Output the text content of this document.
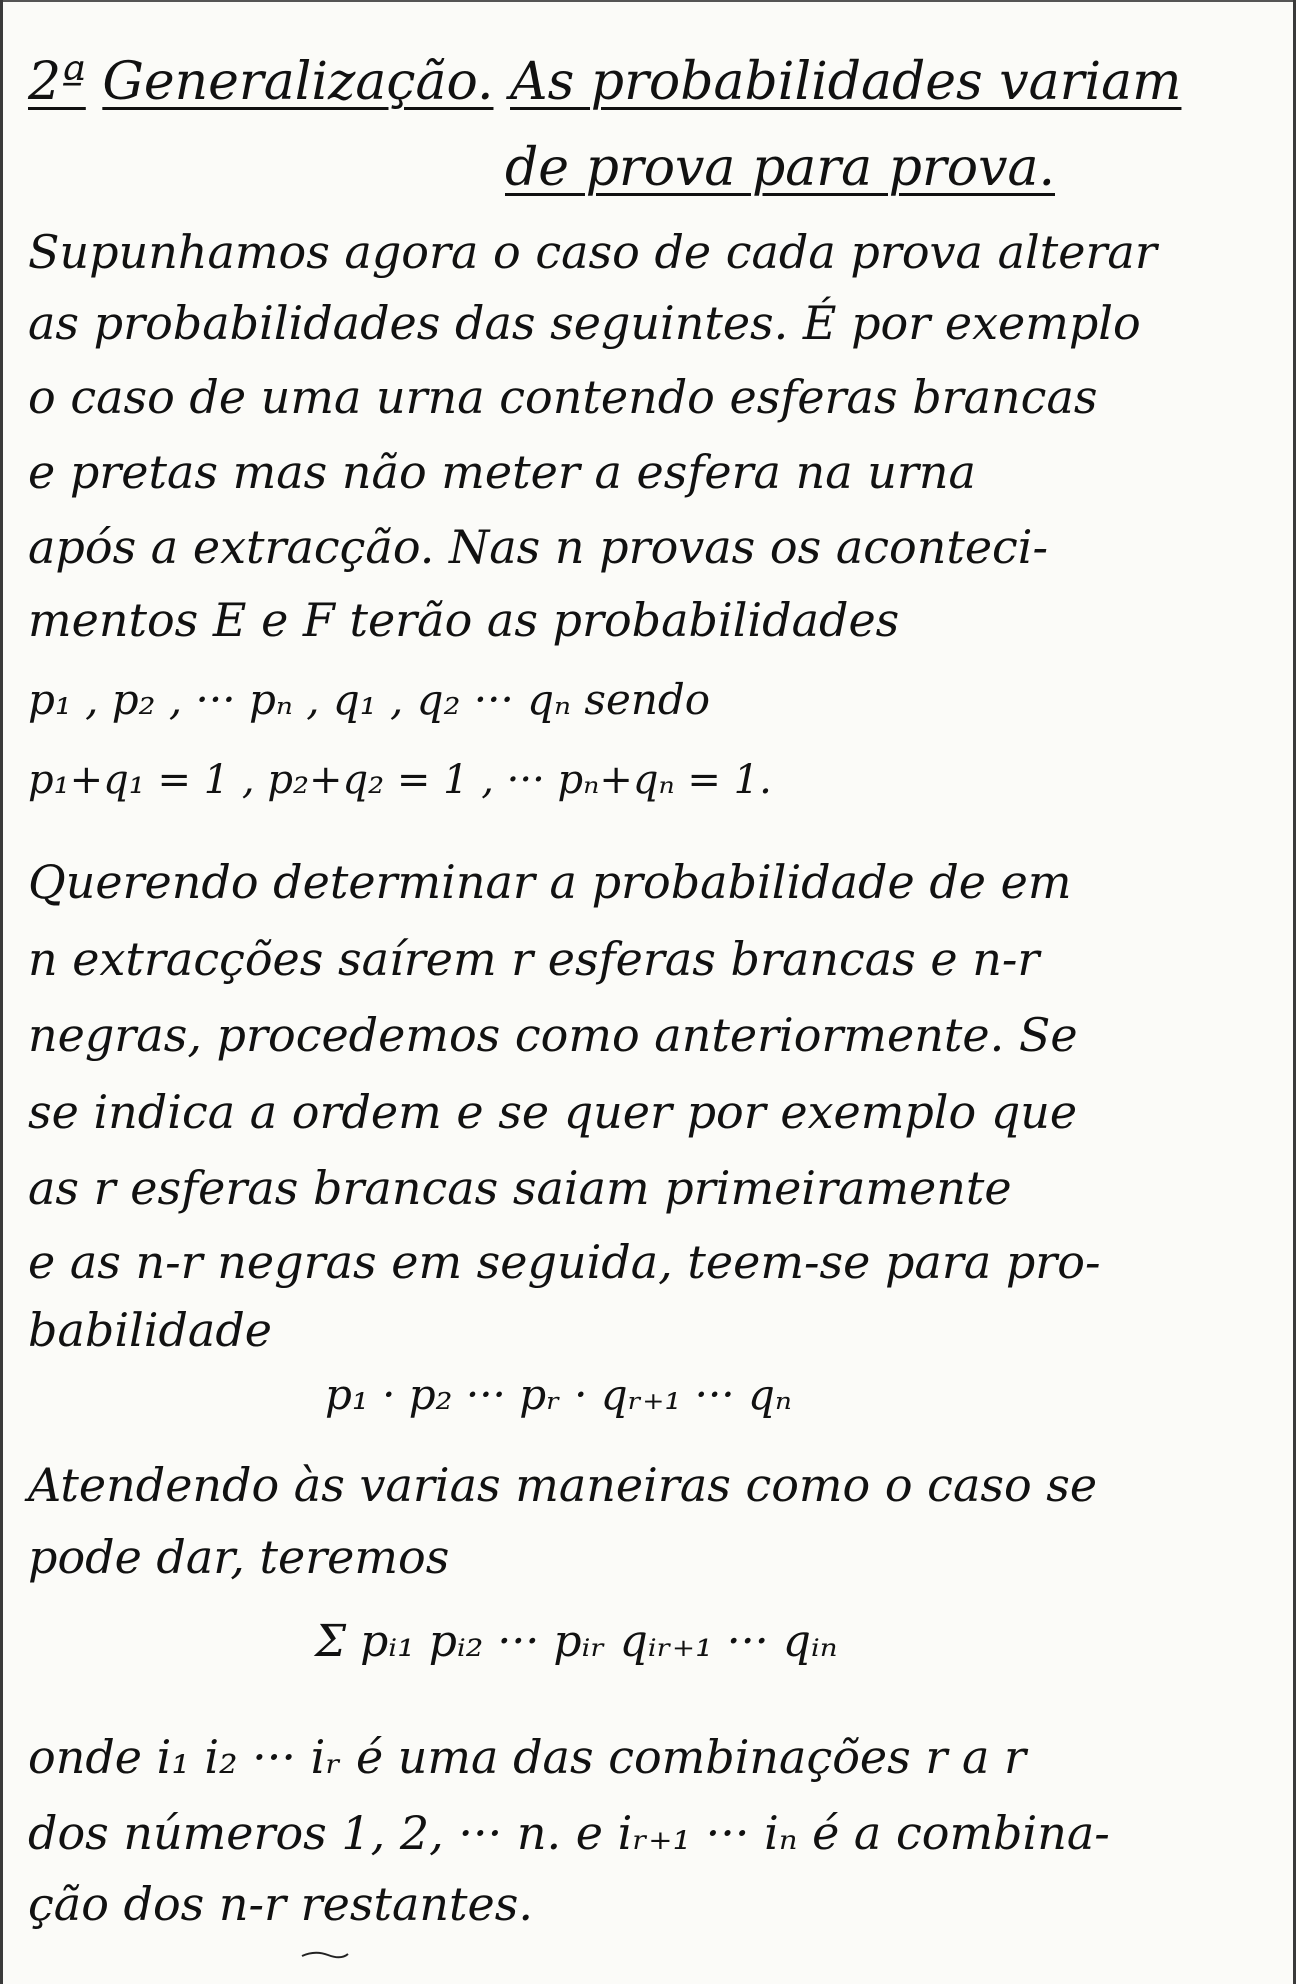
2ª Generalização. As probabilidades variam
de prova para prova.
Supunhamos agora o caso de cada prova alterar
as probabilidades das seguintes. É por exemplo
o caso de uma urna contendo esferas brancas
e pretas mas não meter a esfera na urna
após a extracção. Nas n provas os aconteci-
mentos E e F terão as probabilidades
p₁ , p₂ , ··· pₙ , q₁ , q₂ ··· qₙ sendo
p₁+q₁ = 1 , p₂+q₂ = 1 , ··· pₙ+qₙ = 1.
Querendo determinar a probabilidade de em
n extracções saírem r esferas brancas e n-r
negras, procedemos como anteriormente. Se
se indica a ordem e se quer por exemplo que
as r esferas brancas saiam primeiramente
e as n-r negras em seguida, teem-se para pro-
babilidade
p₁ · p₂ ··· pᵣ · qᵣ₊₁ ··· qₙ
Atendendo às varias maneiras como o caso se
pode dar, teremos
Σ pᵢ₁ pᵢ₂ ··· pᵢᵣ qᵢᵣ₊₁ ··· qᵢₙ
onde i₁ i₂ ··· iᵣ é uma das combinações r a r
dos números 1, 2, ··· n. e iᵣ₊₁ ··· iₙ é a combina-
ção dos n-r restantes.
